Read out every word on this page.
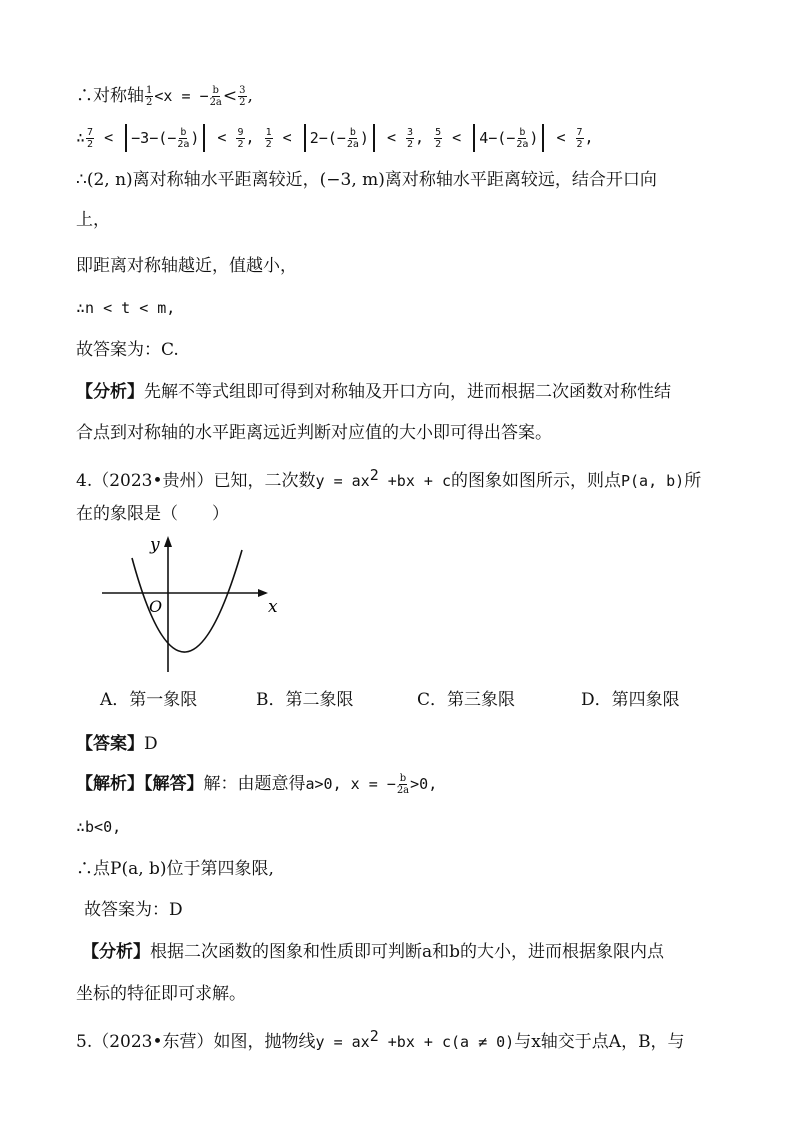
∴对称轴 $\frac{1}{2} <x$ = − $\frac{b}{2a} < \frac{3}{2}$ ,
∴ $\frac{7}{2} < -3-(- \frac{b}{2a}$ ) < $\frac{9}{2}$ , $\frac{1}{2} < 2-(- \frac{b}{2a}$ ) < $\frac{3}{2}$ , $\frac{5}{2} < 4-(- \frac{b}{2a}$ ) < $\frac{7}{2}$ ,
∴(2, n)离对称轴水平距离较近，(−3, m)离对称轴水平距离较远，结合开口向
上，
即距离对称轴越近，值越小，
∴n < t < m,
故答案为：C.
【分析】先解不等式组即可得到对称轴及开口方向，进而根据二次函数对称性结
合点到对称轴的水平距离远近判断对应值的大小即可得出答案。
4.（2023•贵州）已知，二次数$y = ax^2 +bx + c$的图象如图所示，则点P(a, b)所
在的象限是（　　）
y
x
O
A．第一象限	B．第二象限	C．第三象限	D．第四象限
【答案】D
【解析】【解答】解：由题意得a>0, x = − $\frac{b}{2a} >0$,
∴b<0,
∴点P(a, b)位于第四象限,
故答案为：D
【分析】根据二次函数的图象和性质即可判断a和b的大小，进而根据象限内点
坐标的特征即可求解。
5.（2023•东营）如图，抛物线$y = ax^2 +bx + c(a \ne 0)$与x轴交于点A，B，与
